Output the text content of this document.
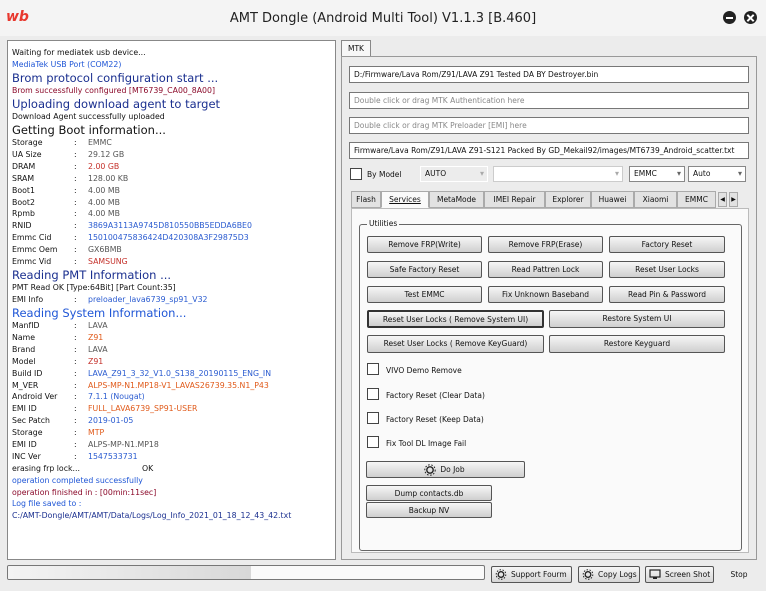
wb	AMT Dongle (Android Multi Tool) V1.1.3 [B.460]
Waiting for mediatek usb device...
MediaTek USB Port (COM22)
Brom protocol configuration start ...
Brom successfully configured [MT6739_CA00_8A00]
Uploading download agent to target
Download Agent successfully uploaded
Getting Boot information...
Storage	: EMMC
UA Size	: 29.12 GB
DRAM	: 2.00 GB
SRAM	: 128.00 KB
Boot1	: 4.00 MB
Boot2	: 4.00 MB
Rpmb	: 4.00 MB
RNID	: 3869A3113A9745D810550BB5EDDA6BE0
Emmc Cid	: 150100475836424D420308A3F29875D3
Emmc Oem : GX6BMB
Emmc Vid	: SAMSUNG
Reading PMT Information ...
PMT Read OK [Type:64Bit] [Part Count:35]
EMI Info	: preloader_lava6739_sp91_V32
Reading System Information...
ManfID	: LAVA
Name	: Z91
Brand	: LAVA
Model	: Z91
Build ID	: LAVA_Z91_3_32_V1.0_S138_20190115_ENG_IN
M_VER	: ALPS-MP-N1.MP18-V1_LAVAS26739.35.N1_P43
Android Ver : 7.1.1 (Nougat)
EMI ID	: FULL_LAVA6739_SP91-USER
Sec Patch	: 2019-01-05
Storage	: MTP
EMI ID	: ALPS-MP-N1.MP18
INC Ver	: 1547533731
erasing frp lock...	OK
operation completed successfully
operation finished in : [00min:11sec]
Log file saved to :
C:/AMT-Dongle/AMT/AMT/Data/Logs/Log_Info_2021_01_18_12_43_42.txt
MTK
D:/Firmware/Lava Rom/Z91/LAVA Z91 Tested DA BY Destroyer.bin
Double click or drag MTK Authentication here
Double click or drag MTK Preloader [EMI] here
Firmware/Lava Rom/Z91/LAVA Z91-S121 Packed By GD_Mekail92/images/MT6739_Android_scatter.txt
By Model	AUTO ▾
▾	EMMC ▾	Auto ▾
Flash	Services	MetaMode	IMEI Repair	Explorer	Huawei	Xiaomi	EMMC	◀	▶
Utilities
Remove FRP(Write)	Remove FRP(Erase)	Factory Reset
Safe Factory Reset	Read Pattren Lock	Reset User Locks
Test EMMC	Fix Unknown Baseband	Read Pin & Password
Reset User Locks ( Remove System UI)	Restore System UI
Reset User Locks ( Remove KeyGuard)	Restore Keyguard
VIVO Demo Remove
Factory Reset (Clear Data)
Factory Reset (Keep Data)
Fix Tool DL Image Fail
Do Job
Dump contacts.db
Backup NV
Support Fourm	Copy Logs	Screen Shot	Stop
